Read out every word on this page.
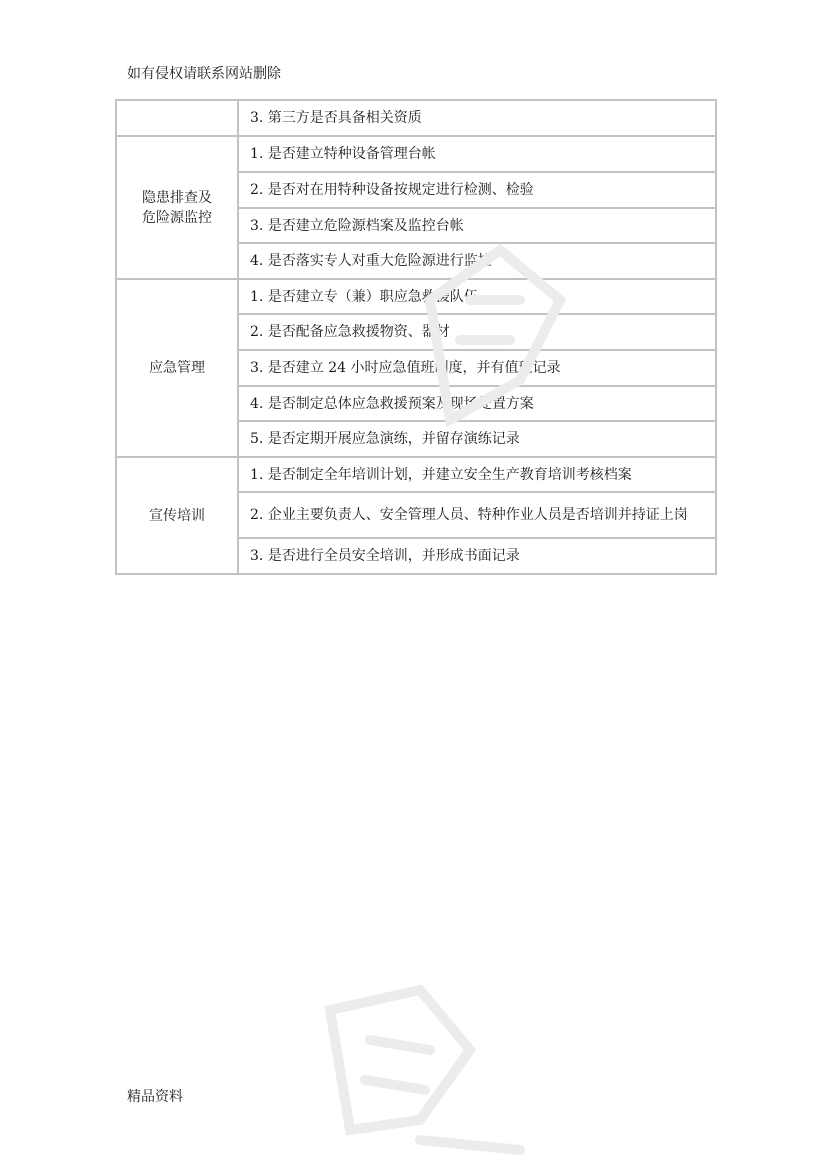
如有侵权请联系网站删除
	3. 第三方是否具备相关资质

隐患排查及
危险源监控	1. 是否建立特种设备管理台帐
	2. 是否对在用特种设备按规定进行检测、检验
	3. 是否建立危险源档案及监控台帐
	4. 是否落实专人对重大危险源进行监控
应急管理	1. 是否建立专（兼）职应急救援队伍
	2. 是否配备应急救援物资、器材
	3. 是否建立 24 小时应急值班制度，并有值班记录
	4. 是否制定总体应急救援预案及现场处置方案
	5. 是否定期开展应急演练，并留存演练记录
宣传培训	1. 是否制定全年培训计划，并建立安全生产教育培训考核档案
	2. 企业主要负责人、安全管理人员、特种作业人员是否培训并持证上岗
	3. 是否进行全员安全培训，并形成书面记录
精品资料
